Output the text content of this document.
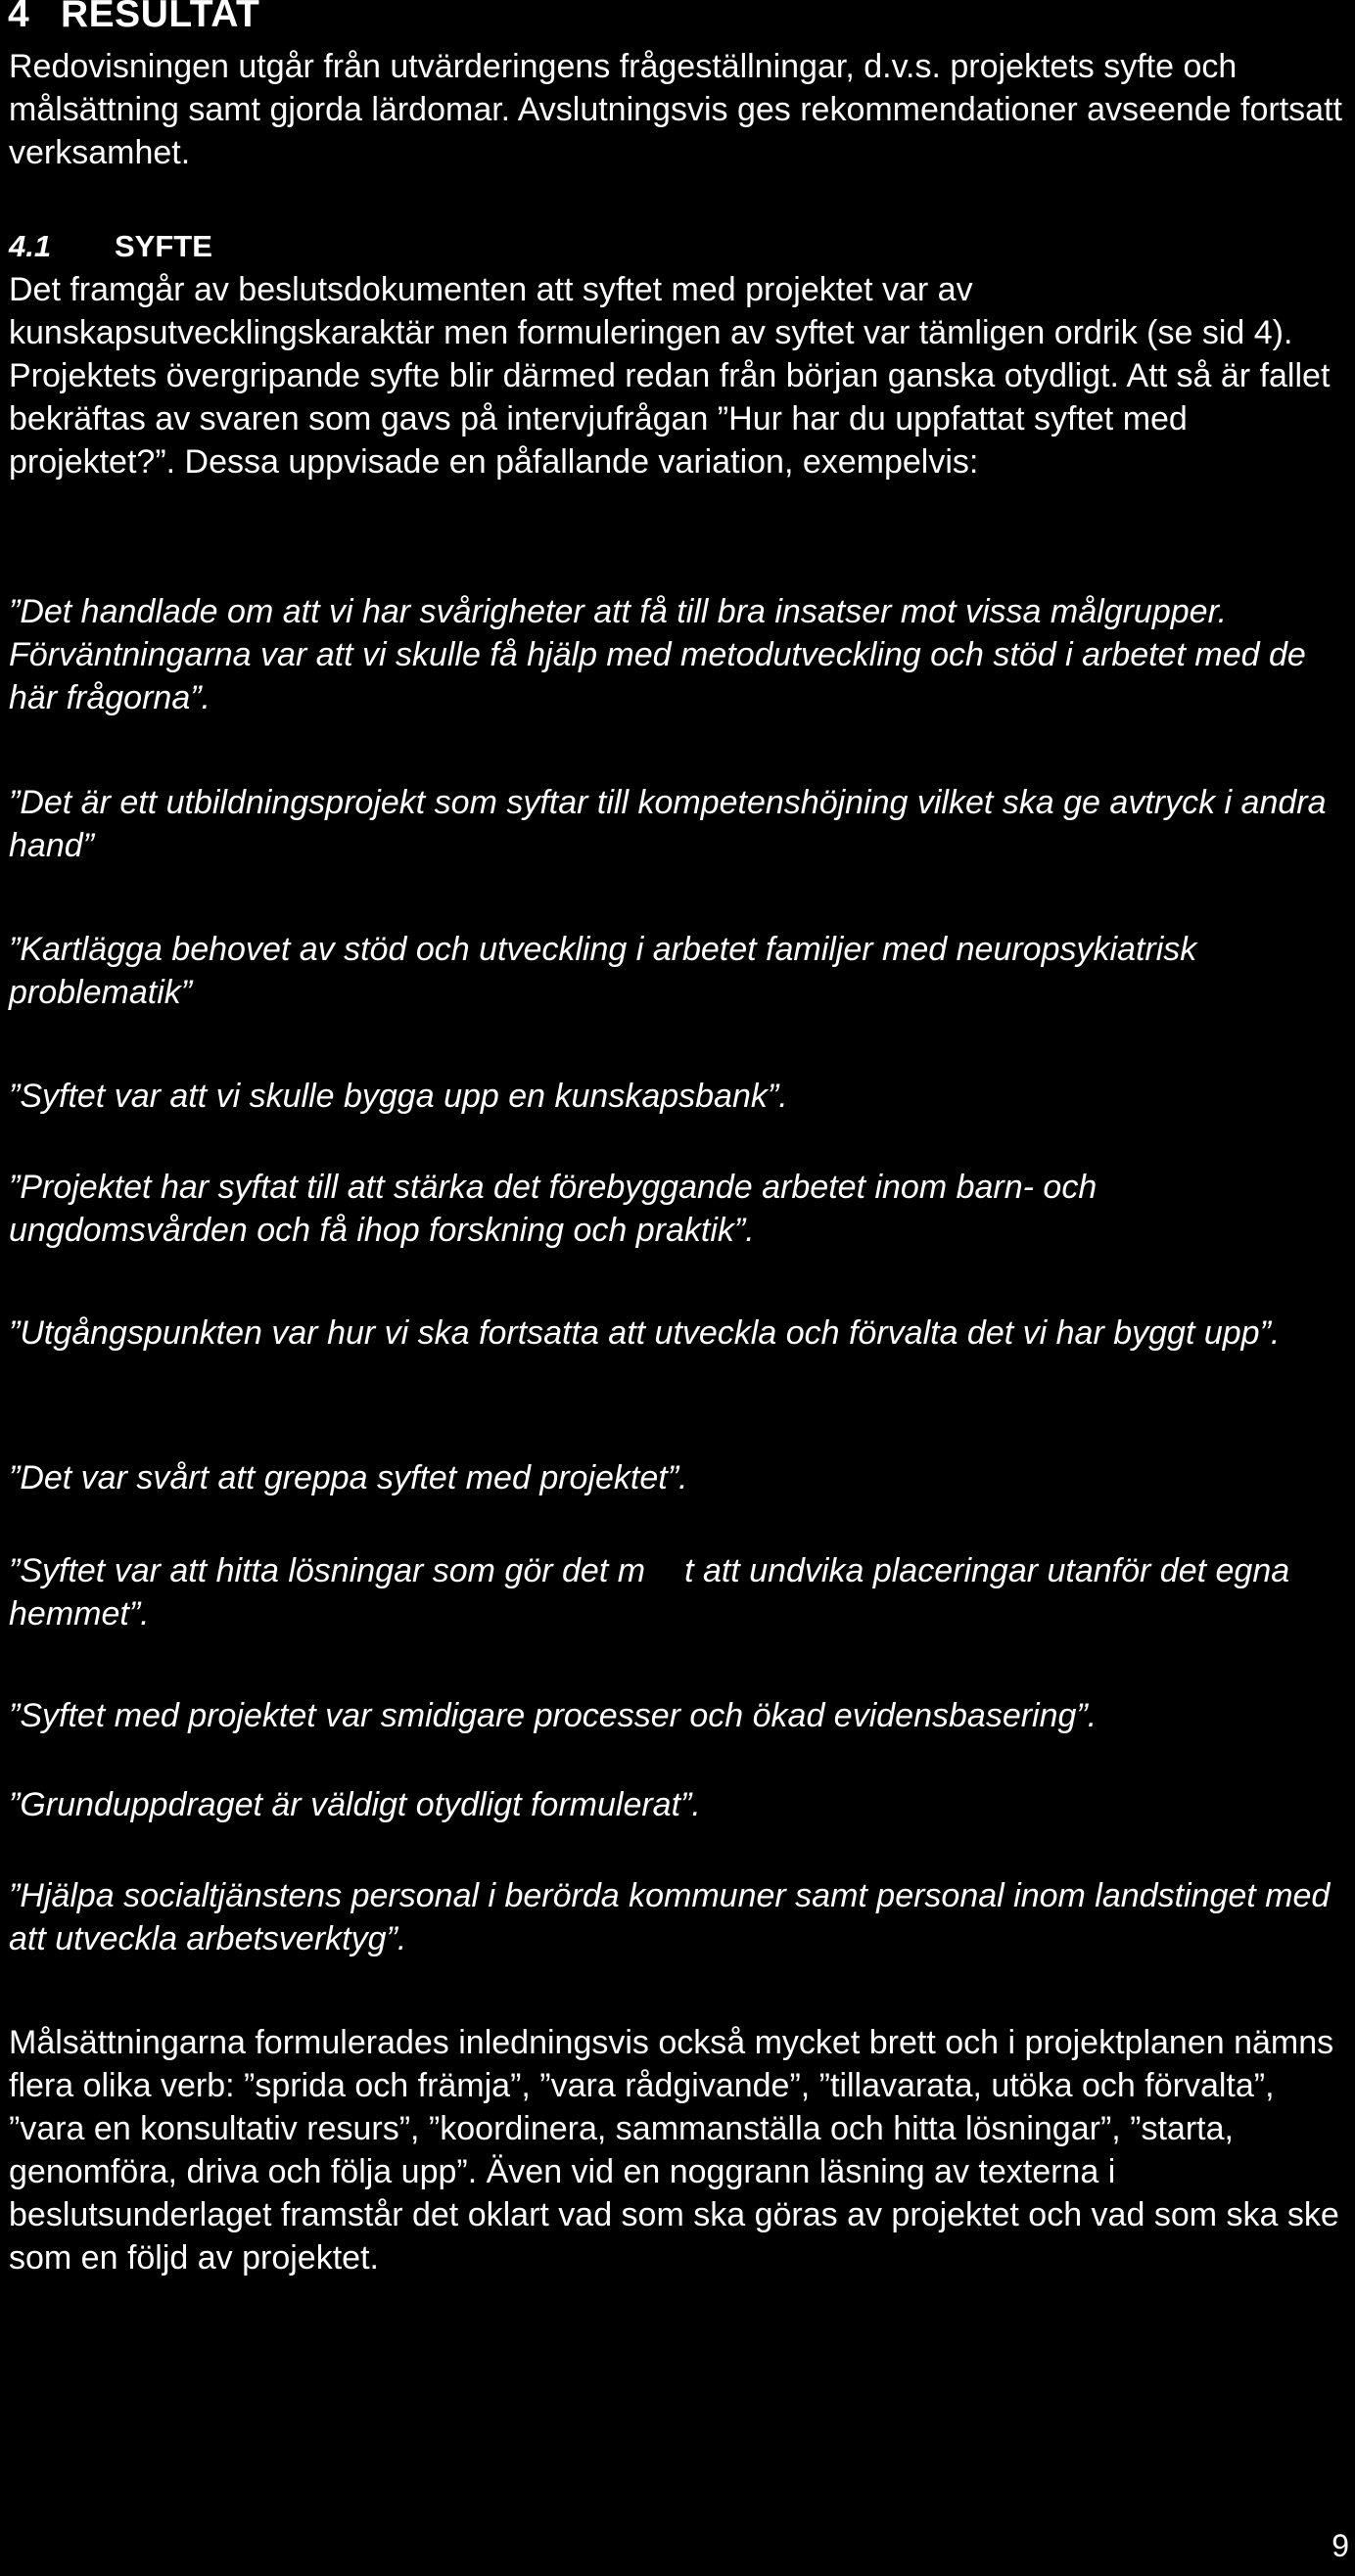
4 RESULTAT

Redovisningen utgår från utvärderingens frågeställningar, d.v.s. projektets syfte och målsättning samt gjorda lärdomar. Avslutningsvis ges rekommendationer avseende fortsatt verksamhet.

4.1 SYFTE

Det framgår av beslutsdokumenten att syftet med projektet var av kunskapsutvecklingskaraktär men formuleringen av syftet var tämligen ordrik (se sid 4). Projektets övergripande syfte blir därmed redan från början ganska otydligt. Att så är fallet bekräftas av svaren som gavs på intervjufrågan ”Hur har du uppfattat syftet med projektet?”. Dessa uppvisade en påfallande variation, exempelvis:

”Det handlade om att vi har svårigheter att få till bra insatser mot vissa målgrupper. Förväntningarna var att vi skulle få hjälp med metodutveckling och stöd i arbetet med de här frågorna”.

”Det är ett utbildningsprojekt som syftar till kompetenshöjning vilket ska ge avtryck i andra hand”

”Kartlägga behovet av stöd och utveckling i arbetet familjer med neuropsykiatrisk problematik”

”Syftet var att vi skulle bygga upp en kunskapsbank”.

”Projektet har syftat till att stärka det förebyggande arbetet inom barn- och ungdomsvården och få ihop forskning och praktik”.

”Utgångspunkten var hur vi ska fortsatta att utveckla och förvalta det vi har byggt upp”.

”Det var svårt att greppa syftet med projektet”.

”Syftet var att hitta lösningar som gör det m t att undvika placeringar utanför det egna hemmet”.

”Syftet med projektet var smidigare processer och ökad evidensbasering”.

”Grunduppdraget är väldigt otydligt formulerat”.

”Hjälpa socialtjänstens personal i berörda kommuner samt personal inom landstinget med att utveckla arbetsverktyg”.

Målsättningarna formulerades inledningsvis också mycket brett och i projektplanen nämns flera olika verb: ”sprida och främja”, ”vara rådgivande”, ”tillavarata, utöka och förvalta”, ”vara en konsultativ resurs”, ”koordinera, sammanställa och hitta lösningar”, ”starta, genomföra, driva och följa upp”. Även vid en noggrann läsning av texterna i beslutsunderlaget framstår det oklart vad som ska göras av projektet och vad som ska ske som en följd av projektet.

9
